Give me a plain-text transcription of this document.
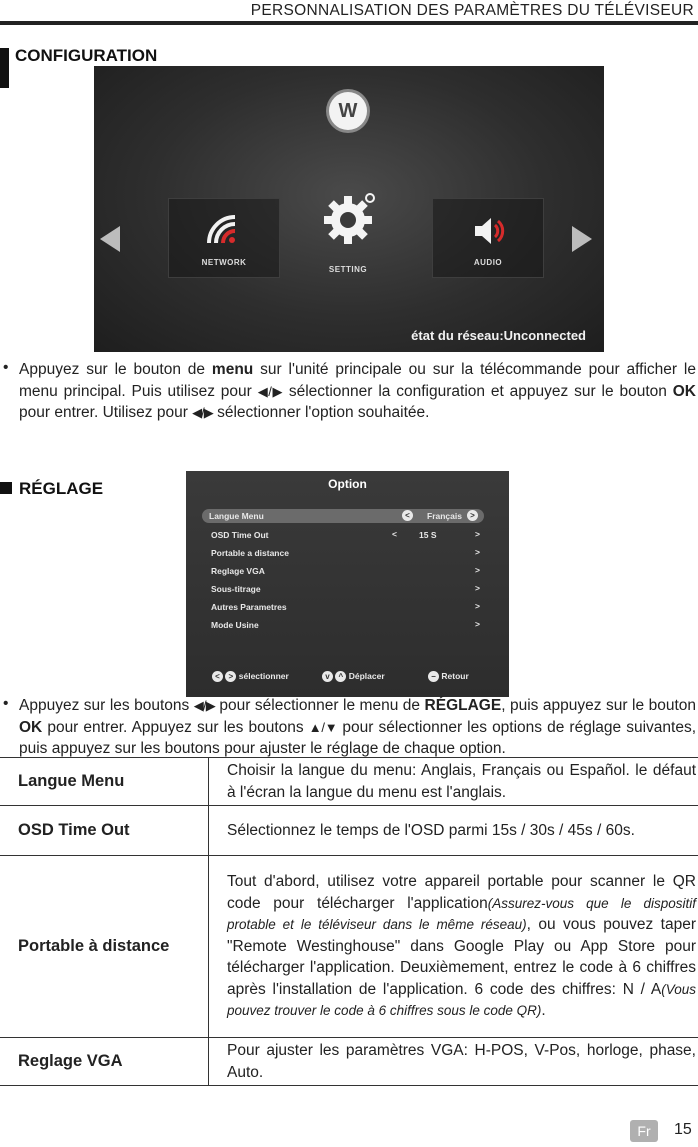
PERSONNALISATION DES PARAMÈTRES DU TÉLÉVISEUR
CONFIGURATION
W
NETWORK
SETTING
AUDIO
état du réseau:Unconnected
• Appuyez sur le bouton de menu sur l'unité principale ou sur la télécommande pour afficher le menu principal. Puis utilisez pour ◀/▶ sélectionner la configuration et appuyez sur le bouton OK pour entrer. Utilisez pour ◀/▶ sélectionner l'option souhaitée.
RÉGLAGE	Option
Langue Menu	<	Français	>
OSD Time Out	<	15 S	>
Portable a distance	>
Reglage VGA	>
Sous-titrage	>
Autres Parametres	>
Mode Usine	>
< > sélectionner	v ^ Déplacer	− Retour
• Appuyez sur les boutons ◀/▶ pour sélectionner le menu de RÉGLAGE, puis appuyez sur le bouton OK pour entrer. Appuyez sur les boutons ▲/▼ pour sélectionner les options de réglage suivantes, puis appuyez sur les boutons pour ajuster le réglage de chaque option.
Langue Menu	Choisir la langue du menu: Anglais, Français ou Español. le défaut à l'écran la langue du menu est l'anglais.
OSD Time Out	Sélectionnez le temps de l'OSD parmi 15s / 30s / 45s / 60s.
Portable à distance	Tout d'abord, utilisez votre appareil portable pour scanner le QR code pour télécharger l'application(Assurez-vous que le dispositif protable et le téléviseur dans le même réseau), ou vous pouvez taper "Remote Westinghouse" dans Google Play ou App Store pour télécharger l'application. Deuxièmement, entrez le code à 6 chiffres après l'installation de l'application. 6 code des chiffres: N / A(Vous pouvez trouver le code à 6 chiffres sous le code QR).
Reglage VGA	Pour ajuster les paramètres VGA: H-POS, V-Pos, horloge, phase, Auto.
Fr	15
